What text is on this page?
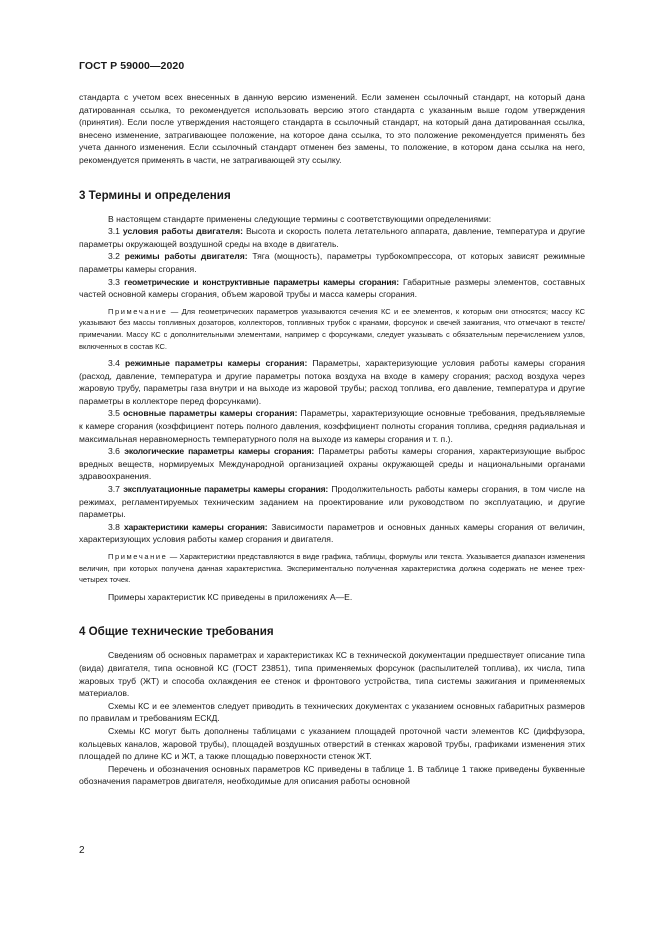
ГОСТ Р 59000—2020

стандарта с учетом всех внесенных в данную версию изменений. Если заменен ссылочный стандарт, на который дана датированная ссылка, то рекомендуется использовать версию этого стандарта с указанным выше годом утверждения (принятия). Если после утверждения настоящего стандарта в ссылочный стандарт, на который дана датированная ссылка, внесено изменение, затрагивающее положение, на которое дана ссылка, то это положение рекомендуется применять без учета данного изменения. Если ссылочный стандарт отменен без замены, то положение, в котором дана ссылка на него, рекомендуется применять в части, не затрагивающей эту ссылку.

3 Термины и определения

В настоящем стандарте применены следующие термины с соответствующими определениями:

3.1 условия работы двигателя: Высота и скорость полета летательного аппарата, давление, температура и другие параметры окружающей воздушной среды на входе в двигатель.

3.2 режимы работы двигателя: Тяга (мощность), параметры турбокомпрессора, от которых зависят режимные параметры камеры сгорания.

3.3 геометрические и конструктивные параметры камеры сгорания: Габаритные размеры элементов, составных частей основной камеры сгорания, объем жаровой трубы и масса камеры сгорания.

Примечание — Для геометрических параметров указываются сечения КС и ее элементов, к которым они относятся; массу КС указывают без массы топливных дозаторов, коллекторов, топливных трубок с кранами, форсунок и свечей зажигания, что отмечают в тексте/примечании. Массу КС с дополнительными элементами, например с форсунками, следует указывать с обязательным перечислением узлов, включенных в состав КС.

3.4 режимные параметры камеры сгорания: Параметры, характеризующие условия работы камеры сгорания (расход, давление, температура и другие параметры потока воздуха на входе в камеру сгорания; расход воздуха через жаровую трубу, параметры газа внутри и на выходе из жаровой трубы; расход топлива, его давление, температура и другие параметры в коллекторе перед форсунками).

3.5 основные параметры камеры сгорания: Параметры, характеризующие основные требования, предъявляемые к камере сгорания (коэффициент потерь полного давления, коэффициент полноты сгорания топлива, средняя радиальная и максимальная неравномерность температурного поля на выходе из камеры сгорания и т. п.).

3.6 экологические параметры камеры сгорания: Параметры работы камеры сгорания, характеризующие выброс вредных веществ, нормируемых Международной организацией охраны окружающей среды и национальными органами здравоохранения.

3.7 эксплуатационные параметры камеры сгорания: Продолжительность работы камеры сгорания, в том числе на режимах, регламентируемых техническим заданием на проектирование или руководством по эксплуатацию, и другие параметры.

3.8 характеристики камеры сгорания: Зависимости параметров и основных данных камеры сгорания от величин, характеризующих условия работы камер сгорания и двигателя.

Примечание — Характеристики представляются в виде графика, таблицы, формулы или текста. Указывается диапазон изменения величин, при которых получена данная характеристика. Экспериментально полученная характеристика должна содержать не менее трех-четырех точек.

Примеры характеристик КС приведены в приложениях А—Е.

4 Общие технические требования

Сведениям об основных параметрах и характеристиках КС в технической документации предшествует описание типа (вида) двигателя, типа основной КС (ГОСТ 23851), типа применяемых форсунок (распылителей топлива), их числа, типа жаровых труб (ЖТ) и способа охлаждения ее стенок и фронтового устройства, типа системы зажигания и применяемых материалов.

Схемы КС и ее элементов следует приводить в технических документах с указанием основных габаритных размеров по правилам и требованиям ЕСКД.

Схемы КС могут быть дополнены таблицами с указанием площадей проточной части элементов КС (диффузора, кольцевых каналов, жаровой трубы), площадей воздушных отверстий в стенках жаровой трубы, графиками изменения этих площадей по длине КС и ЖТ, а также площадью поверхности стенок ЖТ.

Перечень и обозначения основных параметров КС приведены в таблице 1. В таблице 1 также приведены буквенные обозначения параметров двигателя, необходимые для описания работы основной

2
